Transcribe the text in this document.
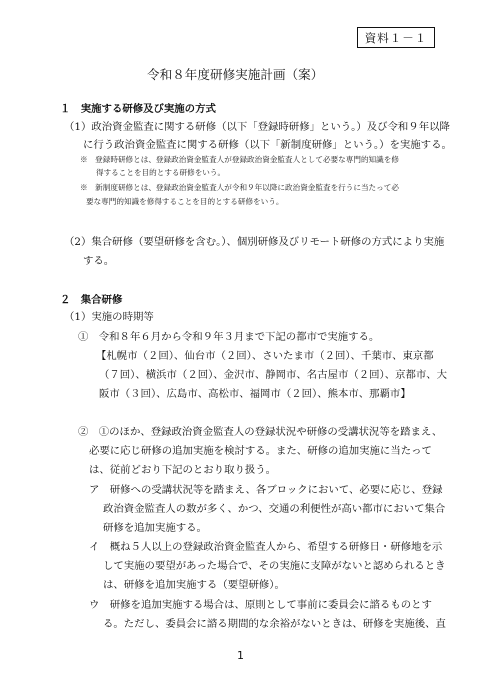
資料１－１
令和８年度研修実施計画（案）
１　実施する研修及び実施の方式
（1）政治資金監査に関する研修（以下「登録時研修」という。）及び令和９年以降
に行う政治資金監査に関する研修（以下「新制度研修」という。）を実施する。
※　登録時研修とは、登録政治資金監査人が登録政治資金監査人として必要な専門的知識を修
得することを目的とする研修をいう。
※　新制度研修とは、登録政治資金監査人が令和９年以降に政治資金監査を行うに当たって必
要な専門的知識を修得することを目的とする研修をいう。
（2）集合研修（要望研修を含む。）、個別研修及びリモート研修の方式により実施
する。
２　集合研修
（1）実施の時期等
①　令和８年６月から令和９年３月まで下記の都市で実施する。
【札幌市（２回）、仙台市（２回）、さいたま市（２回）、千葉市、東京都
（７回）、横浜市（２回）、金沢市、静岡市、名古屋市（２回）、京都市、大
阪市（３回）、広島市、高松市、福岡市（２回）、熊本市、那覇市】
②　①のほか、登録政治資金監査人の登録状況や研修の受講状況等を踏まえ、
必要に応じ研修の追加実施を検討する。また、研修の追加実施に当たって
は、従前どおり下記のとおり取り扱う。
ア　研修への受講状況等を踏まえ、各ブロックにおいて、必要に応じ、登録
政治資金監査人の数が多く、かつ、交通の利便性が高い都市において集合
研修を追加実施する。
イ　概ね５人以上の登録政治資金監査人から、希望する研修日・研修地を示
して実施の要望があった場合で、その実施に支障がないと認められるとき
は、研修を追加実施する（要望研修）。
ウ　研修を追加実施する場合は、原則として事前に委員会に諮るものとす
る。ただし、委員会に諮る期間的な余裕がないときは、研修を実施後、直
1
